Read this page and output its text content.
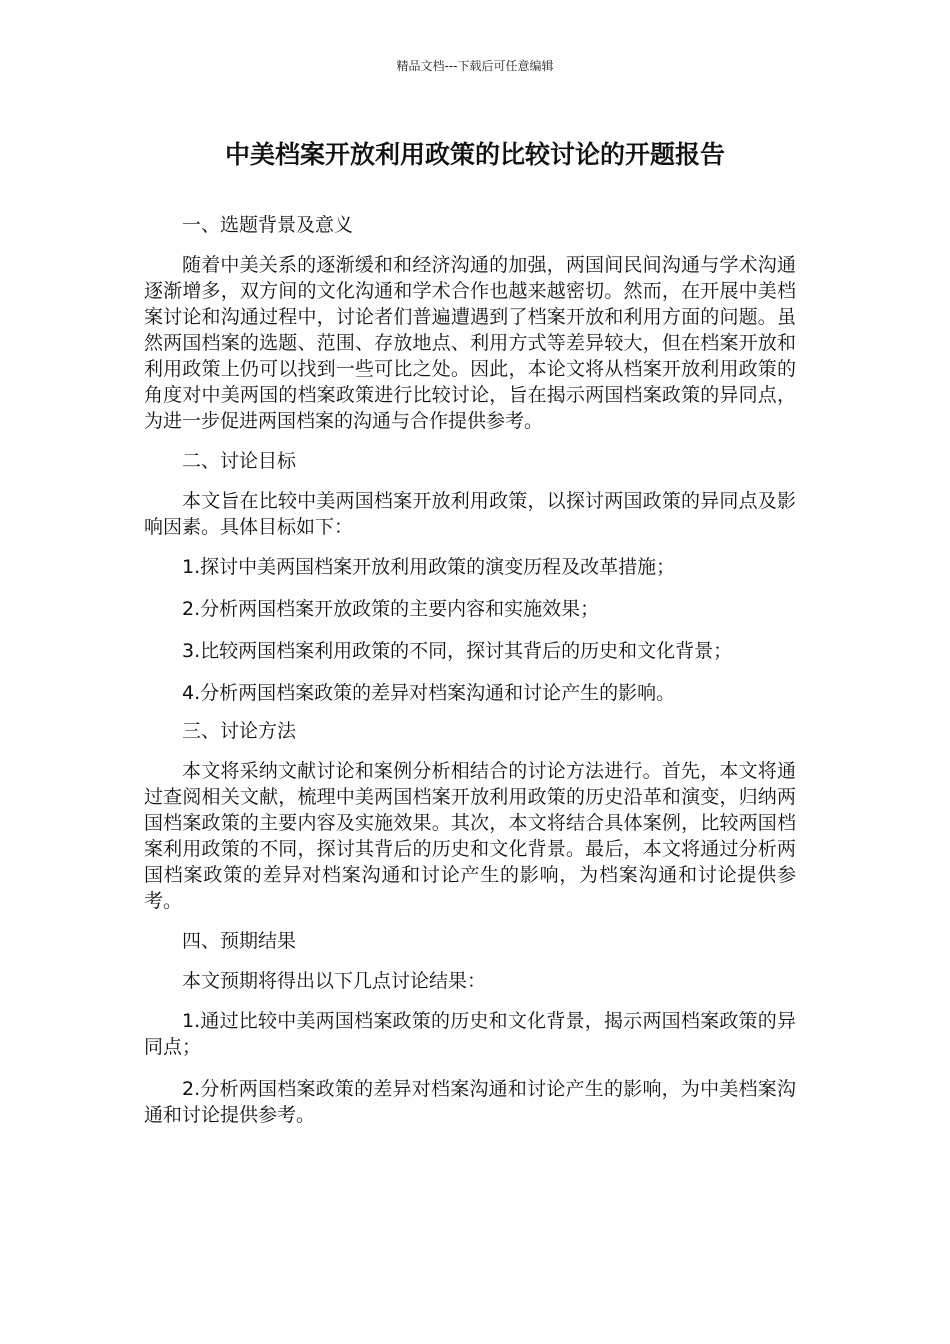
精品文档---下载后可任意编辑
中美档案开放利用政策的比较讨论的开题报告

一、选题背景及意义

随着中美关系的逐渐缓和和经济沟通的加强，两国间民间沟通与学术沟通逐渐增多，双方间的文化沟通和学术合作也越来越密切。然而，在开展中美档案讨论和沟通过程中，讨论者们普遍遭遇到了档案开放和利用方面的问题。虽然两国档案的选题、范围、存放地点、利用方式等差异较大，但在档案开放和利用政策上仍可以找到一些可比之处。因此，本论文将从档案开放利用政策的角度对中美两国的档案政策进行比较讨论，旨在揭示两国档案政策的异同点，为进一步促进两国档案的沟通与合作提供参考。

二、讨论目标

本文旨在比较中美两国档案开放利用政策，以探讨两国政策的异同点及影响因素。具体目标如下：

1.探讨中美两国档案开放利用政策的演变历程及改革措施；

2.分析两国档案开放政策的主要内容和实施效果；

3.比较两国档案利用政策的不同，探讨其背后的历史和文化背景；

4.分析两国档案政策的差异对档案沟通和讨论产生的影响。

三、讨论方法

本文将采纳文献讨论和案例分析相结合的讨论方法进行。首先，本文将通过查阅相关文献，梳理中美两国档案开放利用政策的历史沿革和演变，归纳两国档案政策的主要内容及实施效果。其次，本文将结合具体案例，比较两国档案利用政策的不同，探讨其背后的历史和文化背景。最后，本文将通过分析两国档案政策的差异对档案沟通和讨论产生的影响，为档案沟通和讨论提供参考。

四、预期结果

本文预期将得出以下几点讨论结果：

1.通过比较中美两国档案政策的历史和文化背景，揭示两国档案政策的异同点；

2.分析两国档案政策的差异对档案沟通和讨论产生的影响，为中美档案沟通和讨论提供参考。
